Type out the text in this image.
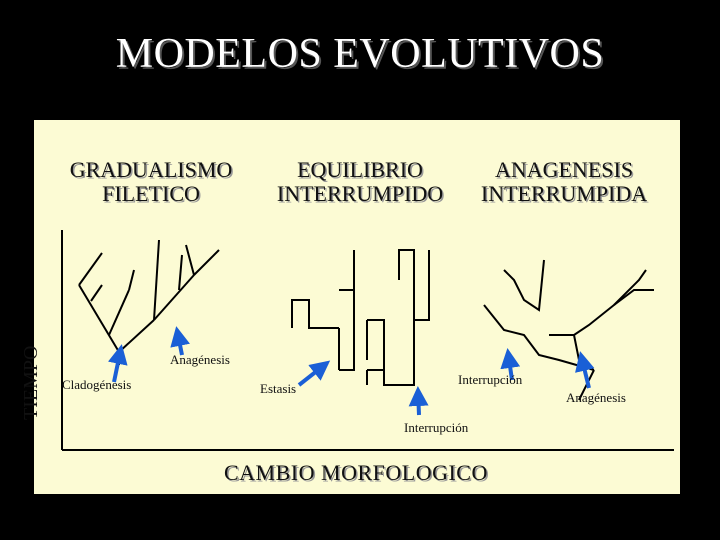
MODELOS EVOLUTIVOS
GRADUALISMO
FILETICO
EQUILIBRIO
INTERRUMPIDO
ANAGENESIS
INTERRUMPIDA
TIEMPO Cladogénesis
Anagénesis
Estasis
Interrupción
Interrupción
Anagénesis
CAMBIO MORFOLOGICO
